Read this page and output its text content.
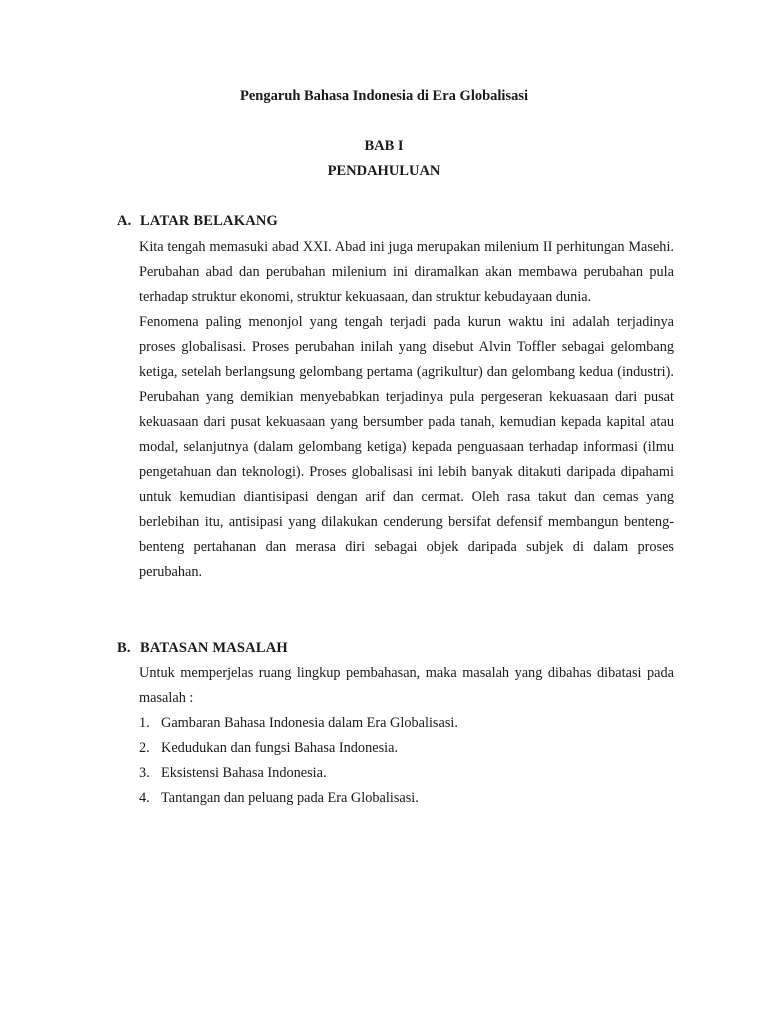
Pengaruh Bahasa Indonesia di Era Globalisasi
BAB I
PENDAHULUAN
A. LATAR BELAKANG

Kita tengah memasuki abad XXI. Abad ini juga merupakan milenium II perhitungan Masehi. Perubahan abad dan perubahan milenium ini diramalkan akan membawa perubahan pula terhadap struktur ekonomi, struktur kekuasaan, dan struktur kebudayaan dunia.

Fenomena paling menonjol yang tengah terjadi pada kurun waktu ini adalah terjadinya proses globalisasi. Proses perubahan inilah yang disebut Alvin Toffler sebagai gelombang ketiga, setelah berlangsung gelombang pertama (agrikultur) dan gelombang kedua (industri). Perubahan yang demikian menyebabkan terjadinya pula pergeseran kekuasaan dari pusat kekuasaan dari pusat kekuasaan yang bersumber pada tanah, kemudian kepada kapital atau modal, selanjutnya (dalam gelombang ketiga) kepada penguasaan terhadap informasi (ilmu pengetahuan dan teknologi). Proses globalisasi ini lebih banyak ditakuti daripada dipahami untuk kemudian diantisipasi dengan arif dan cermat. Oleh rasa takut dan cemas yang berlebihan itu, antisipasi yang dilakukan cenderung bersifat defensif membangun benteng-benteng pertahanan dan merasa diri sebagai objek daripada subjek di dalam proses perubahan.

B. BATASAN MASALAH

Untuk memperjelas ruang lingkup pembahasan, maka masalah yang dibahas dibatasi pada masalah :

1. Gambaran Bahasa Indonesia dalam Era Globalisasi.
2. Kedudukan dan fungsi Bahasa Indonesia.
3. Eksistensi Bahasa Indonesia.
4. Tantangan dan peluang pada Era Globalisasi.
